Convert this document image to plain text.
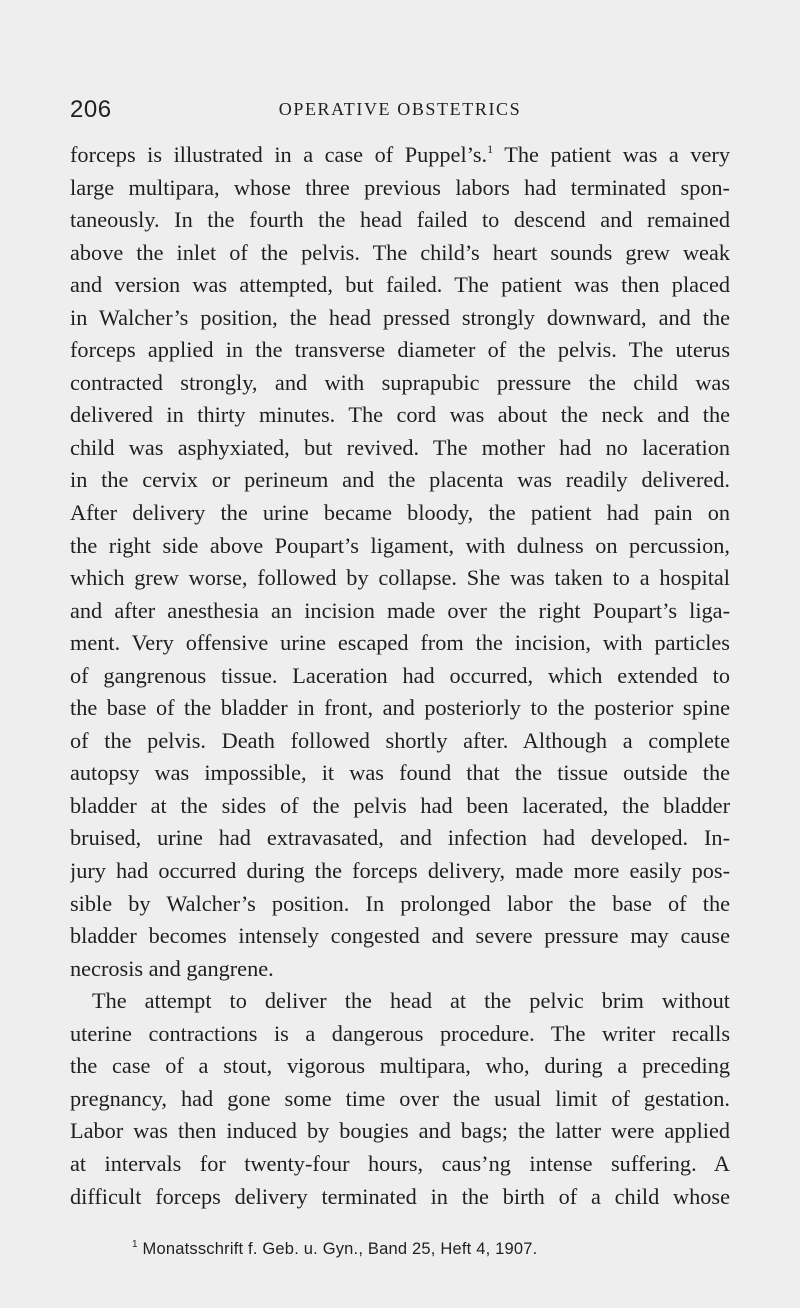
206	OPERATIVE OBSTETRICS

forceps is illustrated in a case of Puppel’s.$^1$ The patient was a very
large multipara, whose three previous labors had terminated spon-
taneously. In the fourth the head failed to descend and remained
above the inlet of the pelvis. The child’s heart sounds grew weak
and version was attempted, but failed. The patient was then placed
in Walcher’s position, the head pressed strongly downward, and the
forceps applied in the transverse diameter of the pelvis. The uterus
contracted strongly, and with suprapubic pressure the child was
delivered in thirty minutes. The cord was about the neck and the
child was asphyxiated, but revived. The mother had no laceration
in the cervix or perineum and the placenta was readily delivered.
After delivery the urine became bloody, the patient had pain on
the right side above Poupart’s ligament, with dulness on percussion,
which grew worse, followed by collapse. She was taken to a hospital
and after anesthesia an incision made over the right Poupart’s liga-
ment. Very offensive urine escaped from the incision, with particles
of gangrenous tissue. Laceration had occurred, which extended to
the base of the bladder in front, and posteriorly to the posterior spine
of the pelvis. Death followed shortly after. Although a complete
autopsy was impossible, it was found that the tissue outside the
bladder at the sides of the pelvis had been lacerated, the bladder
bruised, urine had extravasated, and infection had developed. In-
jury had occurred during the forceps delivery, made more easily pos-
sible by Walcher’s position. In prolonged labor the base of the
bladder becomes intensely congested and severe pressure may cause
necrosis and gangrene.

The attempt to deliver the head at the pelvic brim without
uterine contractions is a dangerous procedure. The writer recalls
the case of a stout, vigorous multipara, who, during a preceding
pregnancy, had gone some time over the usual limit of gestation.
Labor was then induced by bougies and bags; the latter were applied
at intervals for twenty-four hours, caus’ng intense suffering. A
difficult forceps delivery terminated in the birth of a child whose

$^1$ Monatsschrift f. Geb. u. Gyn., Band 25, Heft 4, 1907.
